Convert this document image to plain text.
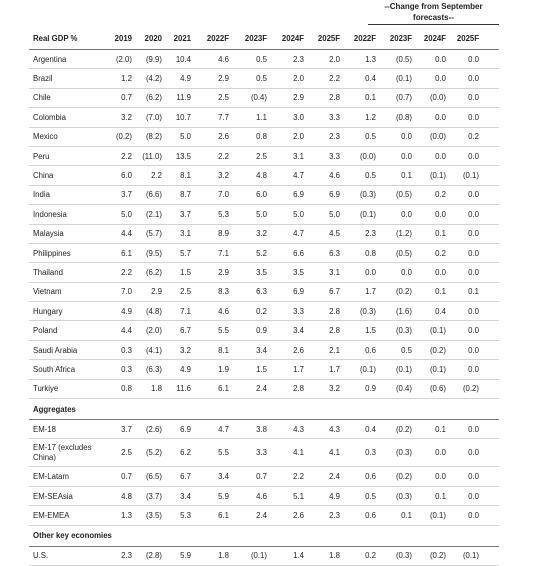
--Change from September forecasts--
Real GDP %	2019	2020	2021	2022F	2023F	2024F	2025F	2022F	2023F	2024F	2025F
Argentina	(2.0)	(9.9)	10.4	4.6	0.5	2.3	2.0	1.3	(0.5)	0.0	0.0
Brazil	1.2	(4.2)	4.9	2.9	0.5	2.0	2.2	0.4	(0.1)	0.0	0.0
Chile	0.7	(6.2)	11.9	2.5	(0.4)	2.9	2.8	0.1	(0.7)	(0.0)	0.0
Colombia	3.2	(7.0)	10.7	7.7	1.1	3.0	3.3	1.2	(0.8)	0.0	0.0
Mexico	(0.2)	(8.2)	5.0	2.6	0.8	2.0	2.3	0.5	0.0	(0.0)	0.2
Peru	2.2	(11.0)	13.5	2.2	2.5	3.1	3.3	(0.0)	0.0	0.0	0.0
China	6.0	2.2	8.1	3.2	4.8	4.7	4.6	0.5	0.1	(0.1)	(0.1)
India	3.7	(6.6)	8.7	7.0	6.0	6.9	6.9	(0.3)	(0.5)	0.2	0.0
Indonesia	5.0	(2.1)	3.7	5.3	5.0	5.0	5.0	(0.1)	0.0	0.0	0.0
Malaysia	4.4	(5.7)	3.1	8.9	3.2	4.7	4.5	2.3	(1.2)	0.1	0.0
Philippines	6.1	(9.5)	5.7	7.1	5.2	6.6	6.3	0.8	(0.5)	0.2	0.0
Thailand	2.2	(6.2)	1.5	2.9	3.5	3.5	3.1	0.0	0.0	0.0	0.0
Vietnam	7.0	2.9	2.5	8.3	6.3	6.9	6.7	1.7	(0.2)	0.1	0.1
Hungary	4.9	(4.8)	7.1	4.6	0.2	3.3	2.8	(0.3)	(1.6)	0.4	0.0
Poland	4.4	(2.0)	6.7	5.5	0.9	3.4	2.8	1.5	(0.3)	(0.1)	0.0
Saudi Arabia	0.3	(4.1)	3.2	8.1	3.4	2.6	2.1	0.6	0.5	(0.2)	0.0
South Africa	0.3	(6.3)	4.9	1.9	1.5	1.7	1.7	(0.1)	(0.1)	(0.1)	0.0
Turkiye	0.8	1.8	11.6	6.1	2.4	2.8	3.2	0.9	(0.4)	(0.6)	(0.2)
Aggregates
EM-18	3.7	(2.6)	6.9	4.7	3.8	4.3	4.3	0.4	(0.2)	0.1	0.0
EM-17 (excludes China)	2.5	(5.2)	6.2	5.5	3.3	4.1	4.1	0.3	(0.3)	0.0	0.0
EM-Latam	0.7	(6.5)	6.7	3.4	0.7	2.2	2.4	0.6	(0.2)	0.0	0.0
EM-SEAsia	4.8	(3.7)	3.4	5.9	4.6	5.1	4.9	0.5	(0.3)	0.1	0.0
EM-EMEA	1.3	(3.5)	5.3	6.1	2.4	2.6	2.3	0.6	0.1	(0.1)	0.0
Other key economies
U.S.	2.3	(2.8)	5.9	1.8	(0.1)	1.4	1.8	0.2	(0.3)	(0.2)	(0.1)
